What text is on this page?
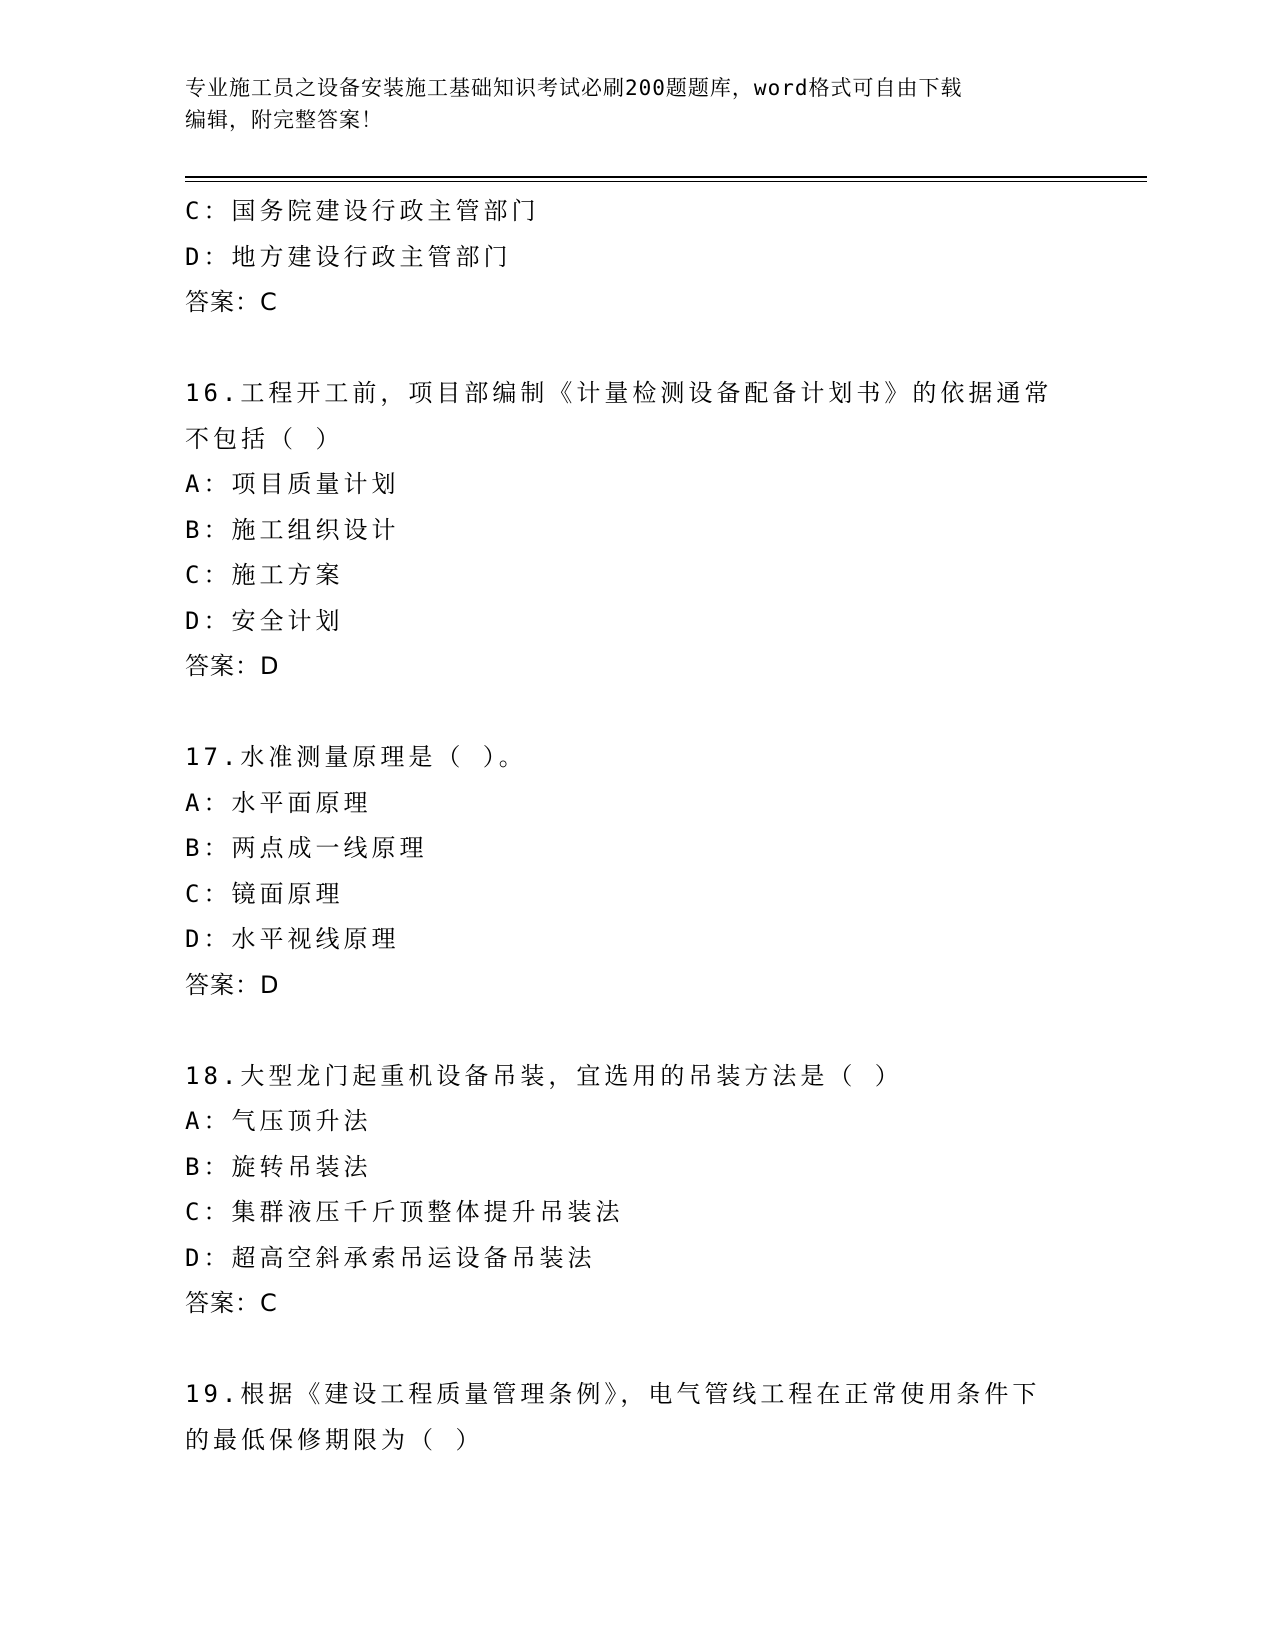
专业施工员之设备安装施工基础知识考试必刷200题题库，word格式可自由下载
编辑，附完整答案！
C：国务院建设行政主管部门
D：地方建设行政主管部门
答案：C
16.工程开工前，项目部编制《计量检测设备配备计划书》的依据通常
不包括（ ）
A：项目质量计划
B：施工组织设计
C：施工方案
D：安全计划
答案：D
17.水准测量原理是（ ）。
A：水平面原理
B：两点成一线原理
C：镜面原理
D：水平视线原理
答案：D
18.大型龙门起重机设备吊装，宜选用的吊装方法是（ ）
A：气压顶升法
B：旋转吊装法
C：集群液压千斤顶整体提升吊装法
D：超高空斜承索吊运设备吊装法
答案：C
19.根据《建设工程质量管理条例》，电气管线工程在正常使用条件下
的最低保修期限为（ ）
